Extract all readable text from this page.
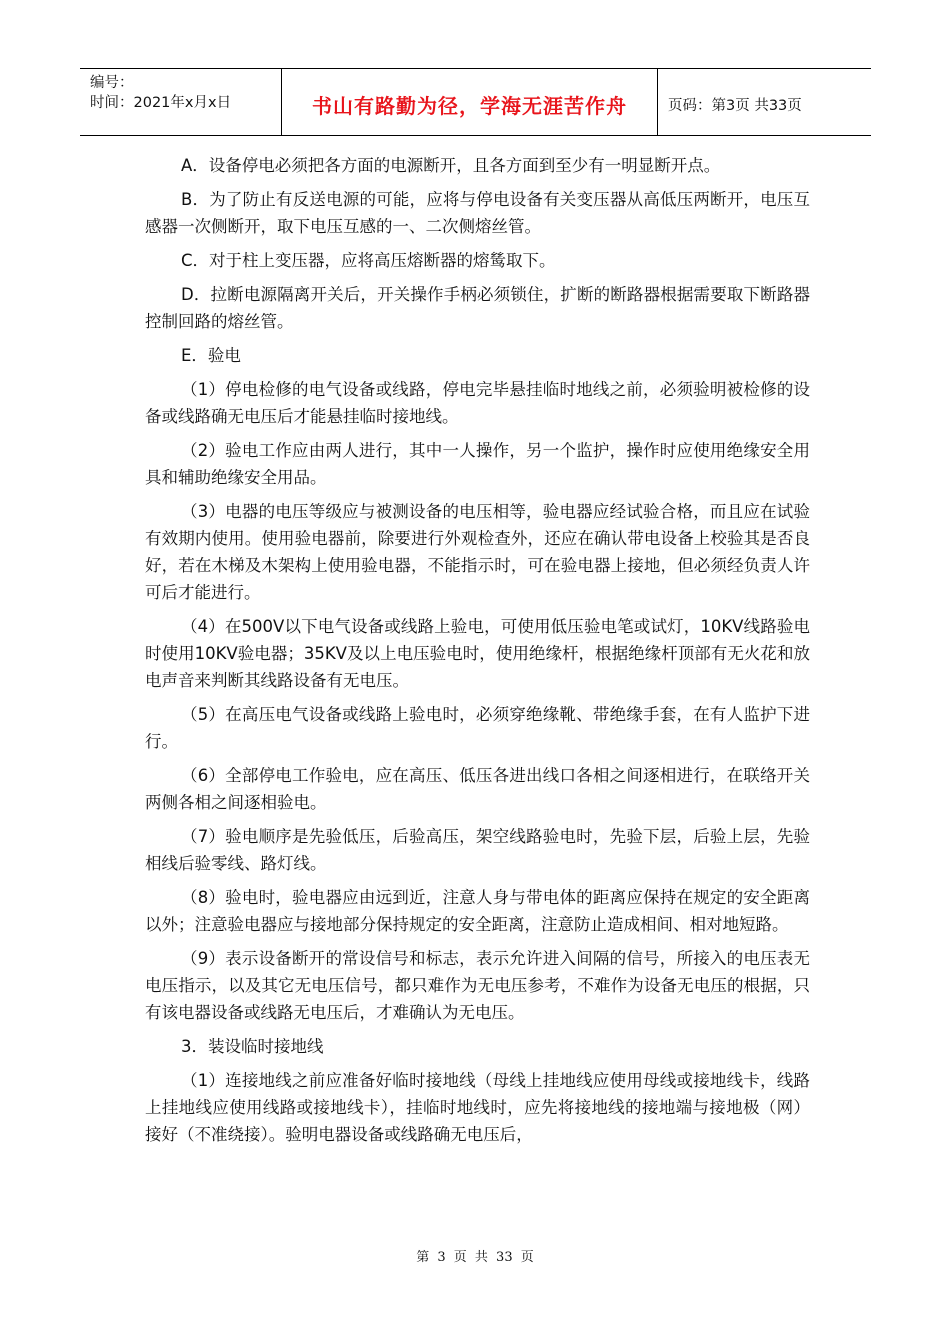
编号：
时间：2021年x月x日	书山有路勤为径，学海无涯苦作舟	页码：第3页 共33页

A．设备停电必须把各方面的电源断开，且各方面到至少有一明显断开点。

B．为了防止有反送电源的可能，应将与停电设备有关变压器从高低压两断开，电压互感器一次侧断开，取下电压互感的一、二次侧熔丝管。

C．对于柱上变压器，应将高压熔断器的熔鸶取下。

D．拉断电源隔离开关后，开关操作手柄必须锁住，扩断的断路器根据需要取下断路器控制回路的熔丝管。

E．验电

（1）停电检修的电气设备或线路，停电完毕悬挂临时地线之前，必须验明被检修的设备或线路确无电压后才能悬挂临时接地线。

（2）验电工作应由两人进行，其中一人操作，另一个监护，操作时应使用绝缘安全用具和辅助绝缘安全用品。

（3）电器的电压等级应与被测设备的电压相等，验电器应经试验合格，而且应在试验有效期内使用。使用验电器前，除要进行外观检查外，还应在确认带电设备上校验其是否良好，若在木梯及木架构上使用验电器，不能指示时，可在验电器上接地，但必须经负责人许可后才能进行。

（4）在500V以下电气设备或线路上验电，可使用低压验电笔或试灯，10KV线路验电时使用10KV验电器；35KV及以上电压验电时，使用绝缘杆，根据绝缘杆顶部有无火花和放电声音来判断其线路设备有无电压。

（5）在高压电气设备或线路上验电时，必须穿绝缘靴、带绝缘手套，在有人监护下进行。

（6）全部停电工作验电，应在高压、低压各进出线口各相之间逐相进行，在联络开关两侧各相之间逐相验电。

（7）验电顺序是先验低压，后验高压，架空线路验电时，先验下层，后验上层，先验相线后验零线、路灯线。

（8）验电时，验电器应由远到近，注意人身与带电体的距离应保持在规定的安全距离以外；注意验电器应与接地部分保持规定的安全距离，注意防止造成相间、相对地短路。

（9）表示设备断开的常设信号和标志，表示允许进入间隔的信号，所接入的电压表无电压指示，以及其它无电压信号，都只难作为无电压参考，不难作为设备无电压的根据，只有该电器设备或线路无电压后，才难确认为无电压。

3．装设临时接地线

（1）连接地线之前应准备好临时接地线（母线上挂地线应使用母线或接地线卡，线路上挂地线应使用线路或接地线卡），挂临时地线时，应先将接地线的接地端与接地极（网）接好（不准绕接）。验明电器设备或线路确无电压后，

第 3 页 共 33 页
